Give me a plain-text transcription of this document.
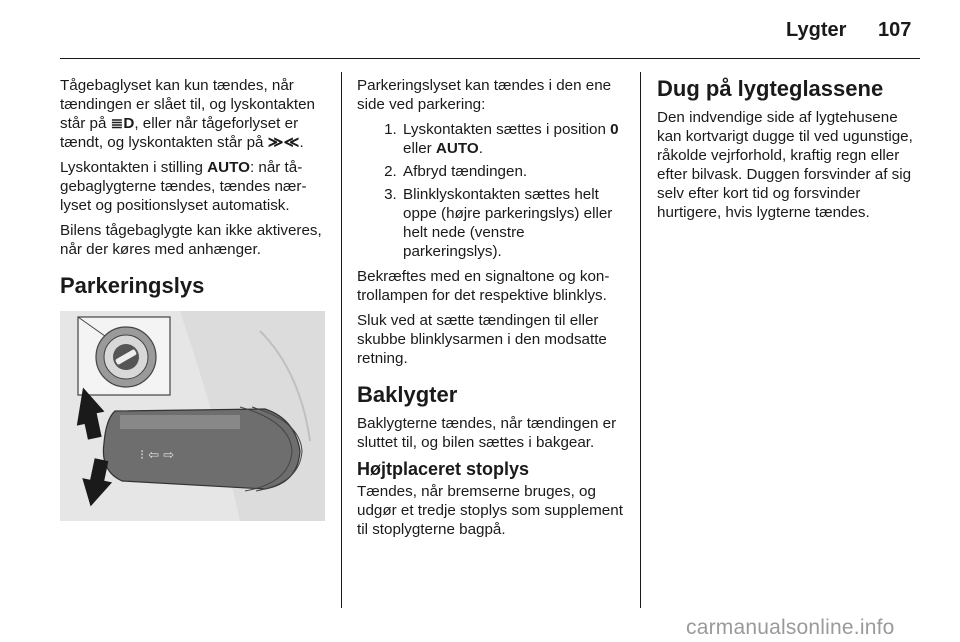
Lygter 107

Tågebaglyset kan kun tændes, når tændingen er slået til, og lyskontakten står på ≣D, eller når tågeforlyset er tændt, og lyskontakten står på ≫≪.

Lyskontakten i stilling AUTO: når tågebaglygterne tændes, tændes nærlyset og positionslyset automatisk.

Bilens tågebaglygte kan ikke aktiveres, når der køres med anhænger.

Parkeringslys
⁝ ⇦ ⇨

Parkeringslyset kan tændes i den ene side ved parkering:

1. Lyskontakten sættes i position 0 eller AUTO.
2. Afbryd tændingen.
3. Blinklyskontakten sættes helt oppe (højre parkeringslys) eller helt nede (venstre parkeringslys).

Bekræftes med en signaltone og kontrollampen for det respektive blinklys.

Sluk ved at sætte tændingen til eller skubbe blinklysarmen i den modsatte retning.

Baklygter

Baklygterne tændes, når tændingen er sluttet til, og bilen sættes i bakgear.

Højtplaceret stoplys

Tændes, når bremserne bruges, og udgør et tredje stoplys som supplement til stoplygterne bagpå.

Dug på lygteglassene

Den indvendige side af lygtehusene kan kortvarigt dugge til ved ugunstige, råkolde vejrforhold, kraftig regn eller efter bilvask. Duggen forsvinder af sig selv efter kort tid og forsvinder hurtigere, hvis lygterne tændes.

carmanualsonline.info
